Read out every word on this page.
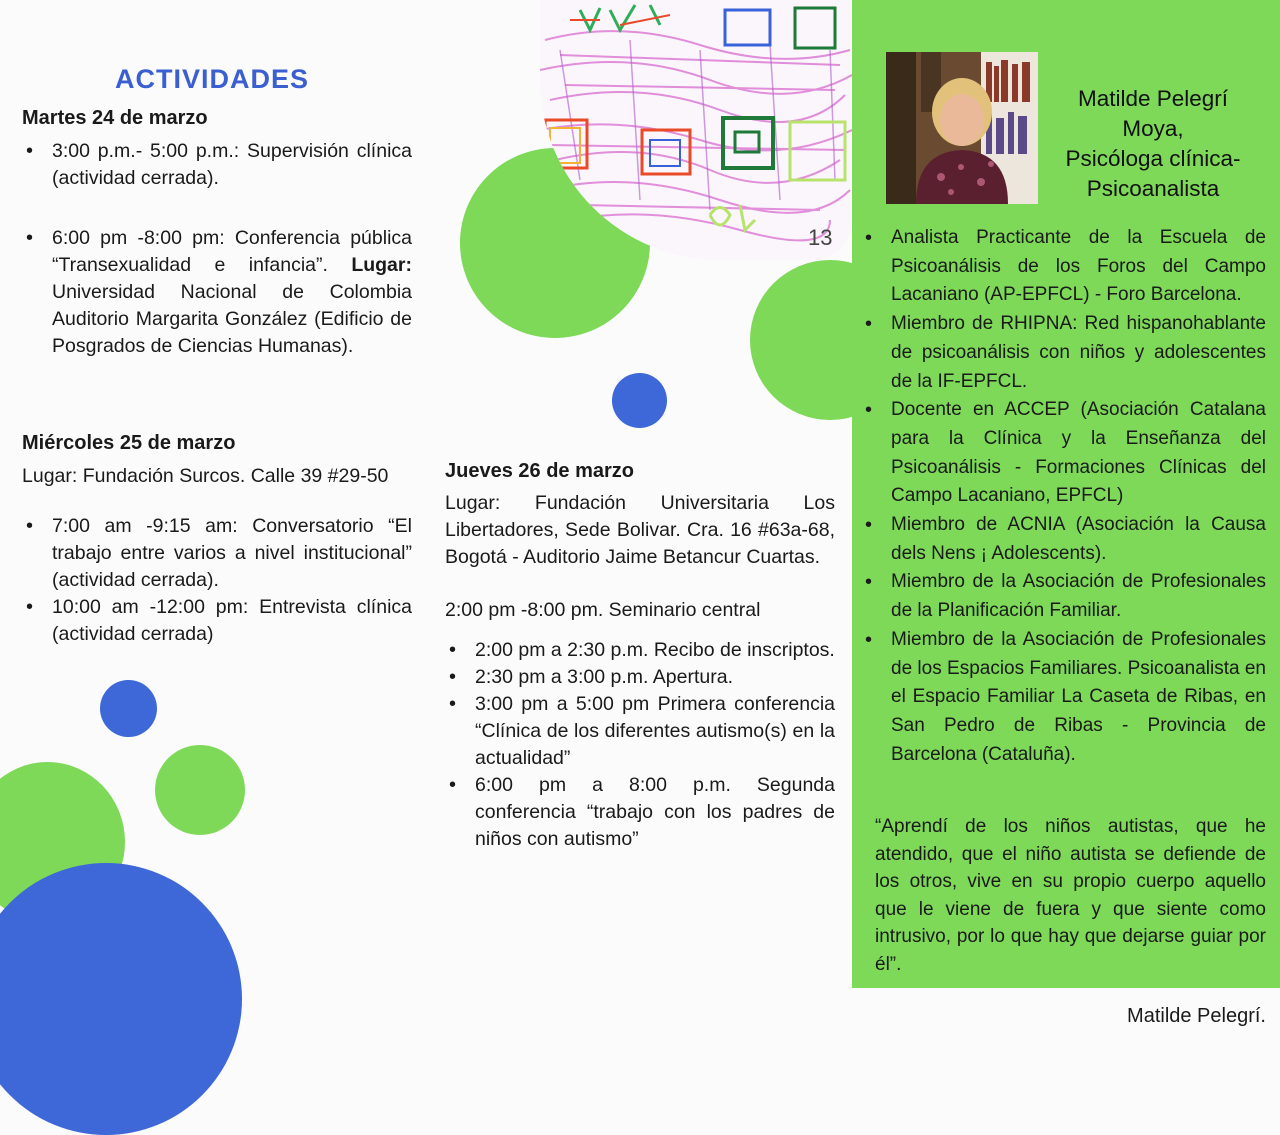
13
ACTIVIDADES

Martes 24 de marzo

• 3:00 p.m.- 5:00 p.m.: Supervisión clínica (actividad cerrada).
• 6:00 pm -8:00 pm: Conferencia pública “Transexualidad e infancia”. Lugar: Universidad Nacional de Colombia Auditorio Margarita González (Edificio de Posgrados de Ciencias Humanas).

Miércoles 25 de marzo

Lugar: Fundación Surcos. Calle 39 #29-50

• 7:00 am -9:15 am: Conversatorio “El trabajo entre varios a nivel institucional” (actividad cerrada).
• 10:00 am -12:00 pm: Entrevista clínica (actividad cerrada)

Jueves 26 de marzo

Lugar: Fundación Universitaria Los Libertadores, Sede Bolivar. Cra. 16 #63a-68, Bogotá - Auditorio Jaime Betancur Cuartas.

2:00 pm -8:00 pm. Seminario central

• 2:00 pm a 2:30 p.m. Recibo de inscriptos.
• 2:30 pm a 3:00 p.m. Apertura.
• 3:00 pm a 5:00 pm Primera conferencia “Clínica de los diferentes autismo(s) en la actualidad”
• 6:00 pm a 8:00 p.m. Segunda conferencia “trabajo con los padres de niños con autismo”
Matilde Pelegrí Moya,
Psicóloga clínica-
Psicoanalista
• Analista Practicante de la Escuela de Psicoanálisis de los Foros del Campo Lacaniano (AP-EPFCL) - Foro Barcelona.
• Miembro de RHIPNA: Red hispanohablante de psicoanálisis con niños y adolescentes de la IF-EPFCL.
• Docente en ACCEP (Asociación Catalana para la Clínica y la Enseñanza del Psicoanálisis - Formaciones Clínicas del Campo Lacaniano, EPFCL)
• Miembro de ACNIA (Asociación la Causa dels Nens ¡ Adolescents).
• Miembro de la Asociación de Profesionales de la Planificación Familiar.
• Miembro de la Asociación de Profesionales de los Espacios Familiares. Psicoanalista en el Espacio Familiar La Caseta de Ribas, en San Pedro de Ribas - Provincia de Barcelona (Cataluña).

“Aprendí de los niños autistas, que he atendido, que el niño autista se defiende de los otros, vive en su propio cuerpo aquello que le viene de fuera y que siente como intrusivo, por lo que hay que dejarse guiar por él”.

Matilde Pelegrí.
